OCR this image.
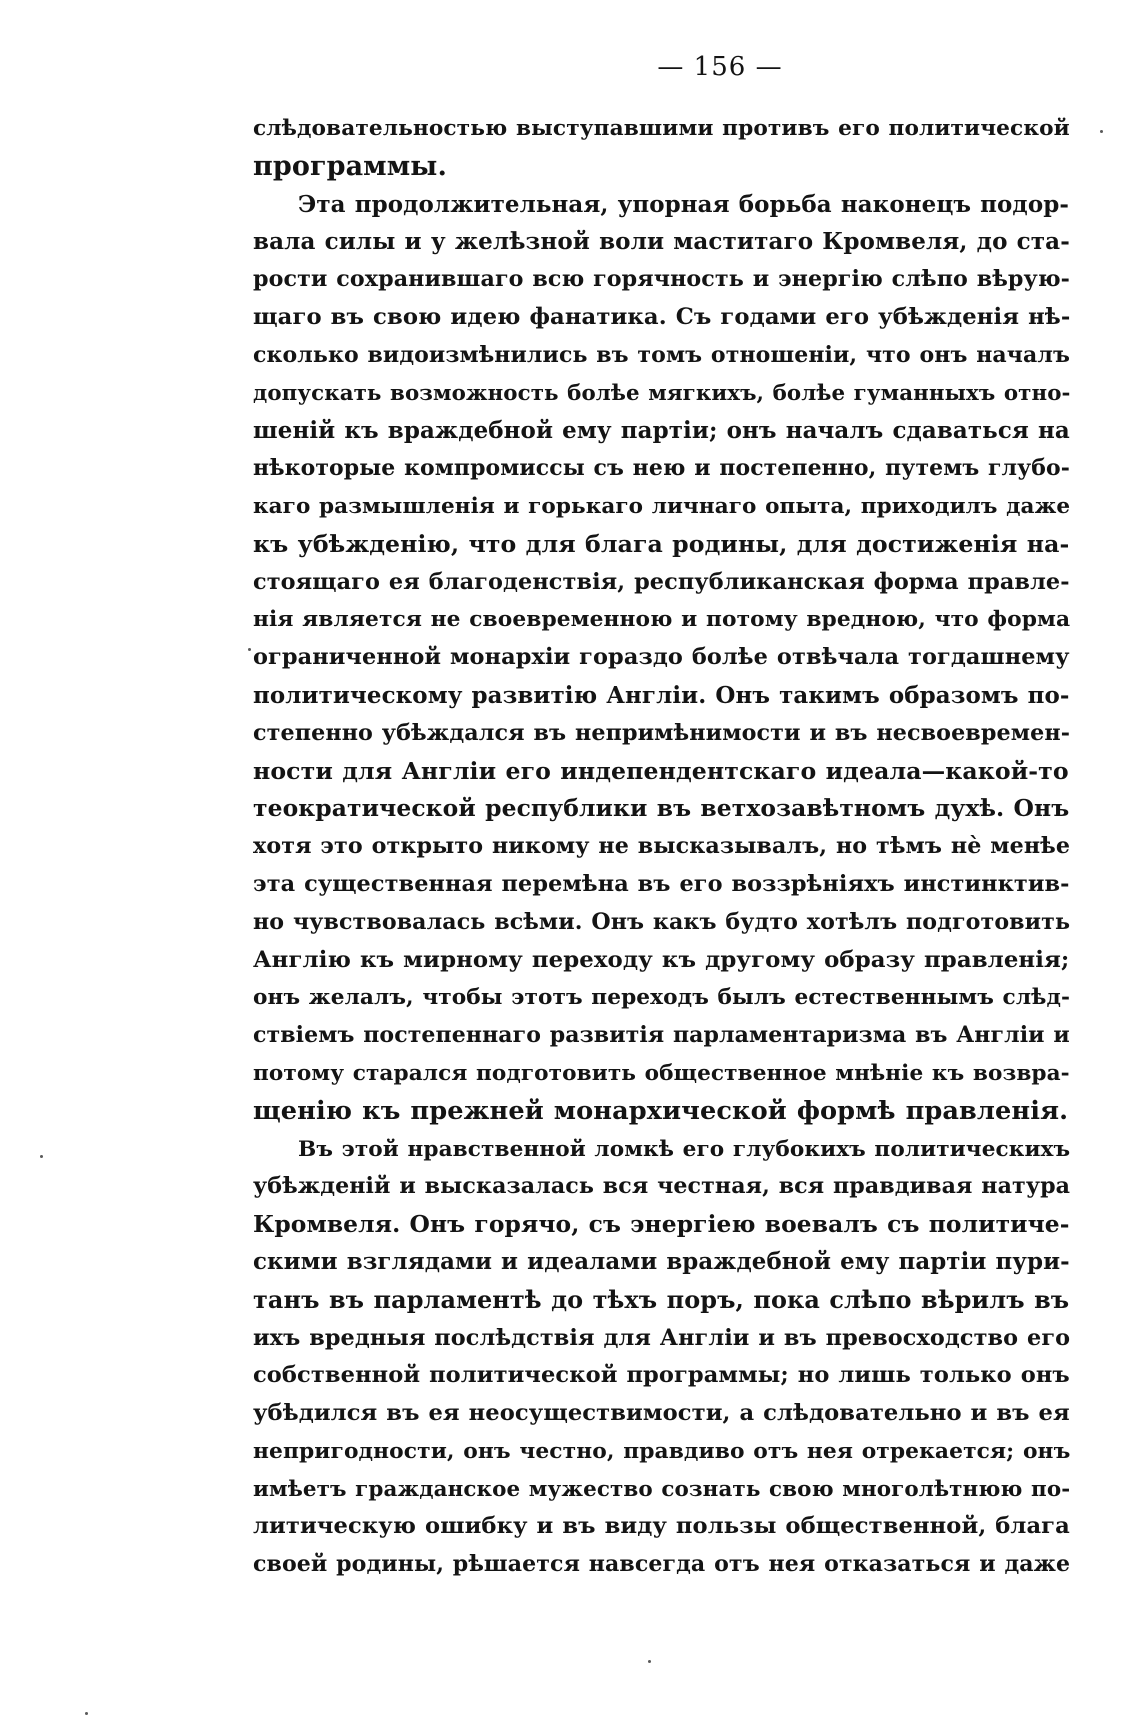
— 156 —
слѣдовательностью выступавшими противъ его политической
программы.
Эта продолжительная, упорная борьба наконецъ подор-
вала силы и у желѣзной воли маститаго Кромвеля, до ста-
рости сохранившаго всю горячность и энергію слѣпо вѣрую-
щаго въ свою идею фанатика. Съ годами его убѣжденія нѣ-
сколько видоизмѣнились въ томъ отношеніи, что онъ началъ
допускать возможность болѣе мягкихъ, болѣе гуманныхъ отно-
шеній къ враждебной ему партіи; онъ началъ сдаваться на
нѣкоторые компромиссы съ нею и постепенно, путемъ глубо-
каго размышленія и горькаго личнаго опыта, приходилъ даже
къ убѣжденію, что для блага родины, для достиженія на-
стоящаго ея благоденствія, республиканская форма правле-
нія является не своевременною и потому вредною, что форма
ограниченной монархіи гораздо болѣе отвѣчала тогдашнему
политическому развитію Англіи. Онъ такимъ образомъ по-
степенно убѣждался въ непримѣнимости и въ несвоевремен-
ности для Англіи его индепендентскаго идеала—какой-то
теократической республики въ ветхозавѣтномъ духѣ. Онъ
хотя это открыто никому не высказывалъ, но тѣмъ нѐ менѣе
эта существенная перемѣна въ его воззрѣніяхъ инстинктив-
но чувствовалась всѣми. Онъ какъ будто хотѣлъ подготовить
Англію къ мирному переходу къ другому образу правленія;
онъ желалъ, чтобы этотъ переходъ былъ естественнымъ слѣд-
ствіемъ постепеннаго развитія парламентаризма въ Англіи и
потому старался подготовить общественное мнѣніе къ возвра-
щенію къ прежней монархической формѣ правленія.
Въ этой нравственной ломкѣ его глубокихъ политическихъ
убѣжденій и высказалась вся честная, вся правдивая натура
Кромвеля. Онъ горячо, съ энергіею воевалъ съ политиче-
скими взглядами и идеалами враждебной ему партіи пури-
танъ въ парламентѣ до тѣхъ поръ, пока слѣпо вѣрилъ въ
ихъ вредныя послѣдствія для Англіи и въ превосходство его
собственной политической программы; но лишь только онъ
убѣдился въ ея неосуществимости, а слѣдовательно и въ ея
непригодности, онъ честно, правдиво отъ нея отрекается; онъ
имѣетъ гражданское мужество сознать свою многолѣтнюю по-
литическую ошибку и въ виду пользы общественной, блага
своей родины, рѣшается навсегда отъ нея отказаться и даже
